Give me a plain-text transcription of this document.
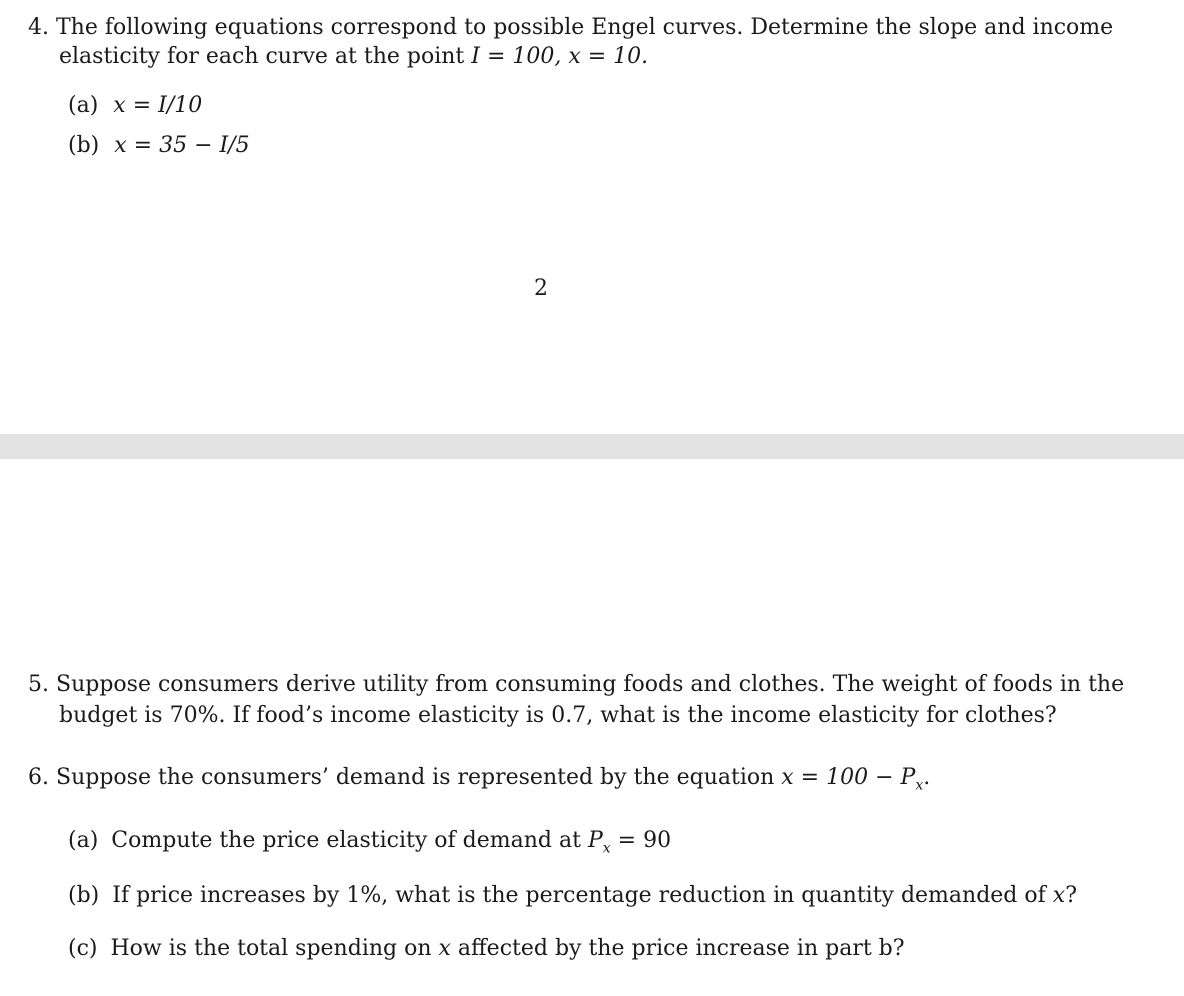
4. The following equations correspond to possible Engel curves. Determine the slope and income
elasticity for each curve at the point I = 100, x = 10.
(a) x = I/10
(b) x = 35 − I/5
2
5. Suppose consumers derive utility from consuming foods and clothes. The weight of foods in the
budget is 70%. If food’s income elasticity is 0.7, what is the income elasticity for clothes?
6. Suppose the consumers’ demand is represented by the equation $x = 100 - P_x$.
(a) Compute the price elasticity of demand at $P_x = 90$
(b) If price increases by 1%, what is the percentage reduction in quantity demanded of x?
(c) How is the total spending on x affected by the price increase in part b?
